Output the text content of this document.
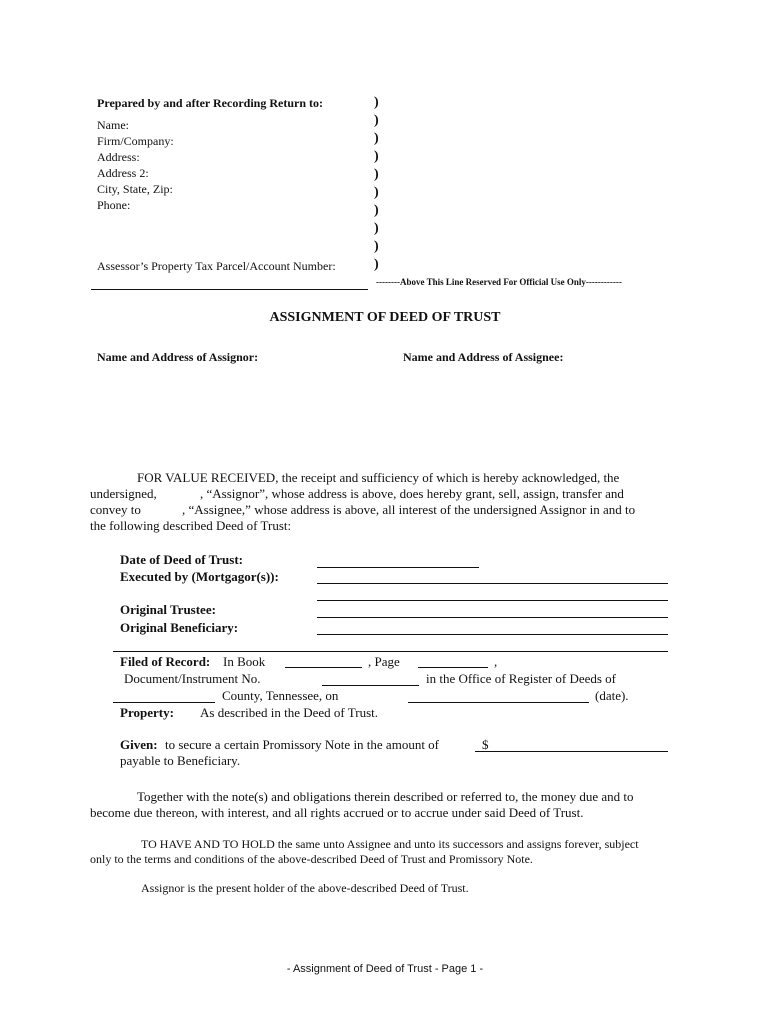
Prepared by and after Recording Return to:
Name:
Firm/Company:
Address:
Address 2:
City, State, Zip:
Phone:
)
)
)
)
)
)
)
)
)
)
Assessor’s Property Tax Parcel/Account Number:
--------Above This Line Reserved For Official Use Only------------
ASSIGNMENT OF DEED OF TRUST
Name and Address of Assignor:	Name and Address of Assignee:
FOR VALUE RECEIVED, the receipt and sufficiency of which is hereby acknowledged, the
undersigned,	, “Assignor”, whose address is above, does hereby grant, sell, assign, transfer and
convey to	, “Assignee,” whose address is above, all interest of the undersigned Assignor in and to
the following described Deed of Trust:
Date of Deed of Trust:
Executed by (Mortgagor(s)):
Original Trustee:
Original Beneficiary:
Filed of Record: In Book	, Page	,
Document/Instrument No.	in the Office of Register of Deeds of
County, Tennessee, on	(date).
Property: As described in the Deed of Trust.
Given: to secure a certain Promissory Note in the amount of	$
payable to Beneficiary.
Together with the note(s) and obligations therein described or referred to, the money due and to
become due thereon, with interest, and all rights accrued or to accrue under said Deed of Trust.
TO HAVE AND TO HOLD the same unto Assignee and unto its successors and assigns forever, subject
only to the terms and conditions of the above-described Deed of Trust and Promissory Note.
Assignor is the present holder of the above-described Deed of Trust.
- Assignment of Deed of Trust - Page 1 -
